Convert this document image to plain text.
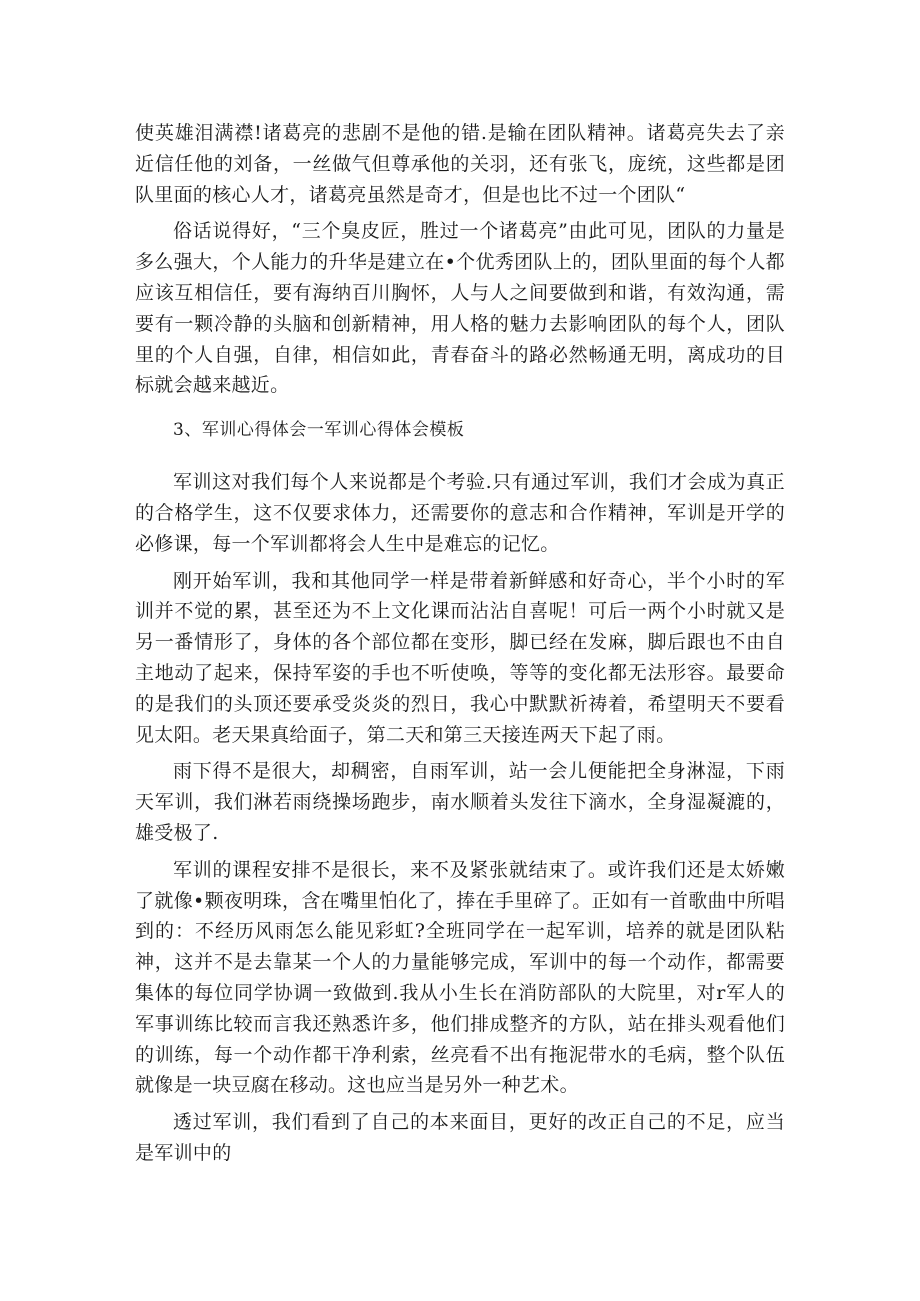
使英雄泪满襟!诸葛亮的悲剧不是他的错.是输在团队精神。诸葛亮失去了亲近信任他的刘备，一丝做气但尊承他的关羽，还有张飞，庞统，这些都是团队里面的核心人才，诸葛亮虽然是奇才，但是也比不过一个团队“

俗话说得好，“三个臭皮匠，胜过一个诸葛亮”由此可见，团队的力量是多么强大，个人能力的升华是建立在•个优秀团队上的，团队里面的每个人都应该互相信任，要有海纳百川胸怀，人与人之间要做到和谐，有效沟通，需要有一颗冷静的头脑和创新精神，用人格的魅力去影响团队的每个人，团队里的个人自强，自律，相信如此，青春奋斗的路必然畅通无明，离成功的目标就会越来越近。

3、军训心得体会一军训心得体会模板

军训这对我们每个人来说都是个考验.只有通过军训，我们才会成为真正的合格学生，这不仅要求体力，还需要你的意志和合作精神，军训是开学的必修课，每一个军训都将会人生中是难忘的记忆。

刚开始军训，我和其他同学一样是带着新鲜感和好奇心，半个小时的军训并不觉的累，甚至还为不上文化课而沾沾自喜呢！可后一两个小时就又是另一番情形了，身体的各个部位都在变形，脚已经在发麻，脚后跟也不由自主地动了起来，保持军姿的手也不听使唤，等等的变化都无法形容。最要命的是我们的头顶还要承受炎炎的烈日，我心中默默祈祷着，希望明天不要看见太阳。老天果真给面子，第二天和第三天接连两天下起了雨。

雨下得不是很大，却稠密，自雨军训，站一会儿便能把全身淋湿，下雨天军训，我们淋若雨绕操场跑步，南水顺着头发往下滴水，全身湿凝漉的，雄受极了.

军训的课程安排不是很长，来不及紧张就结束了。或许我们还是太娇嫩了就像•颗夜明珠，含在嘴里怕化了，捧在手里碎了。正如有一首歌曲中所唱到的：不经历风雨怎么能见彩虹?全班同学在一起军训，培养的就是团队粘神，这并不是去靠某一个人的力量能够完成，军训中的每一个动作，都需要集体的每位同学协调一致做到.我从小生长在消防部队的大院里，对r军人的军事训练比较而言我还熟悉许多，他们排成整齐的方队，站在排头观看他们的训练，每一个动作都干净利索，丝亮看不出有拖泥带水的毛病，整个队伍就像是一块豆腐在移动。这也应当是另外一种艺术。

透过军训，我们看到了自己的本来面目，更好的改正自己的不足，应当是军训中的
